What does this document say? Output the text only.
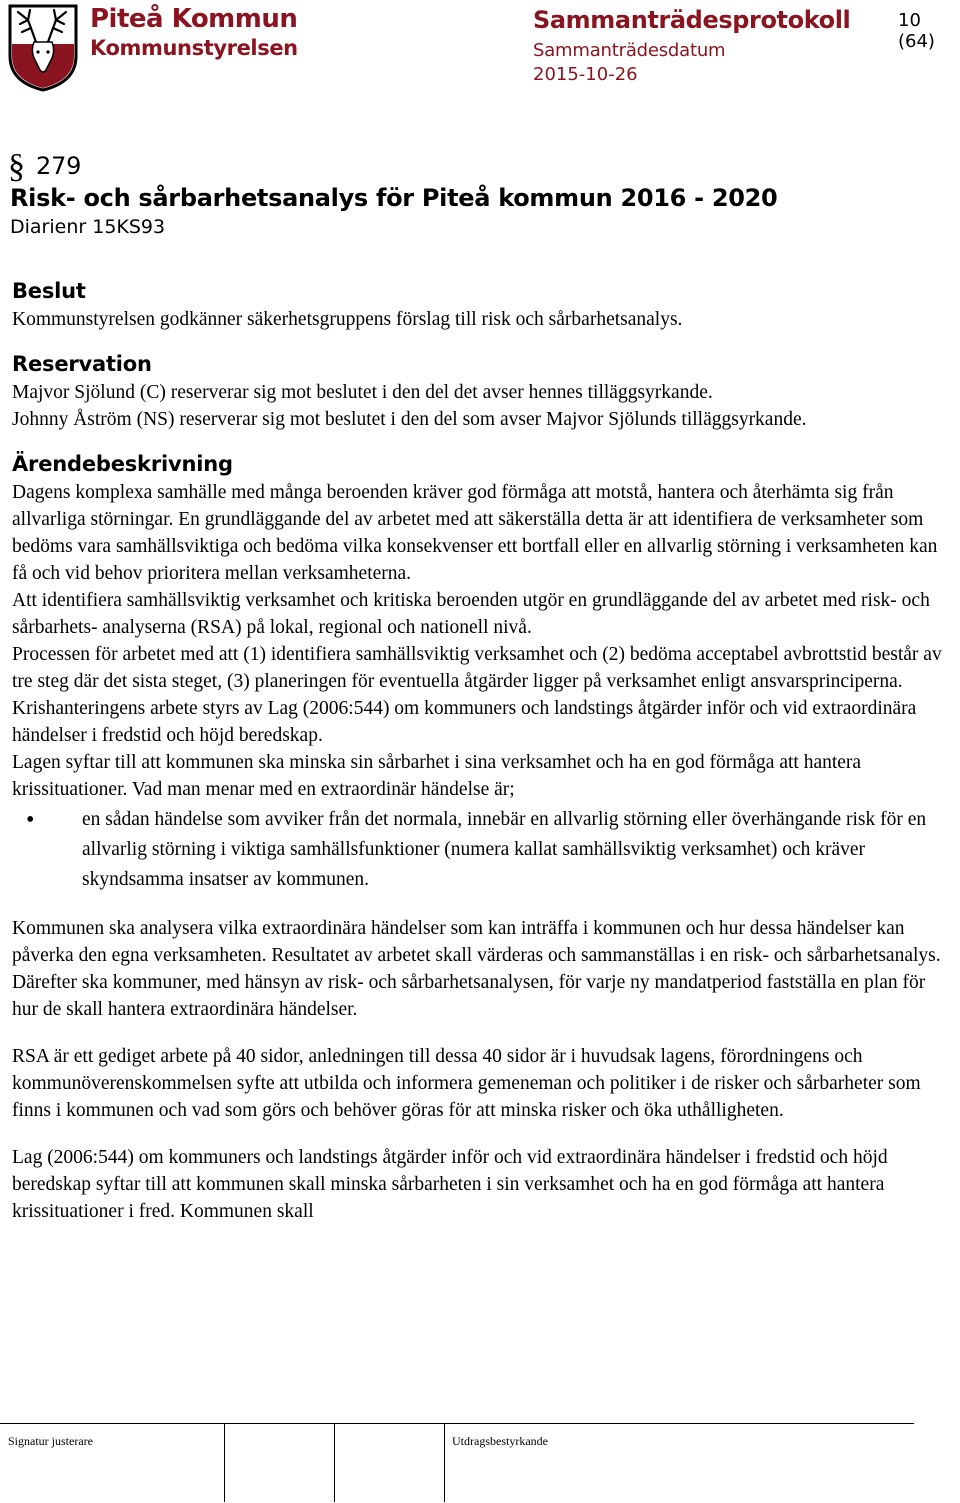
Piteå Kommun
Kommunstyrelsen
Sammanträdesprotokoll
Sammanträdesdatum
2015-10-26
10 (64)
§ 279
Risk- och sårbarhetsanalys för Piteå kommun 2016 - 2020
Diarienr 15KS93
Beslut

Kommunstyrelsen godkänner säkerhetsgruppens förslag till risk och sårbarhetsanalys.

Reservation

Majvor Sjölund (C) reserverar sig mot beslutet i den del det avser hennes tilläggsyrkande.

Johnny Åström (NS) reserverar sig mot beslutet i den del som avser Majvor Sjölunds tilläggsyrkande.

Ärendebeskrivning

Dagens komplexa samhälle med många beroenden kräver god förmåga att motstå, hantera och återhämta sig från allvarliga störningar. En grundläggande del av arbetet med att säkerställa detta är att identifiera de verksamheter som bedöms vara samhällsviktiga och bedöma vilka konsekvenser ett bortfall eller en allvarlig störning i verksamheten kan få och vid behov prioritera mellan verksamheterna.

Att identifiera samhällsviktig verksamhet och kritiska beroenden utgör en grundläggande del av arbetet med risk- och sårbarhets- analyserna (RSA) på lokal, regional och nationell nivå.

Processen för arbetet med att (1) identifiera samhällsviktig verksamhet och (2) bedöma acceptabel avbrottstid består av tre steg där det sista steget, (3) planeringen för eventuella åtgärder ligger på verksamhet enligt ansvarsprinciperna.

Krishanteringens arbete styrs av Lag (2006:544) om kommuners och landstings åtgärder inför och vid extraordinära händelser i fredstid och höjd beredskap.

Lagen syftar till att kommunen ska minska sin sårbarhet i sina verksamhet och ha en god förmåga att hantera krissituationer. Vad man menar med en extraordinär händelse är;

• en sådan händelse som avviker från det normala, innebär en allvarlig störning eller överhängande risk för en allvarlig störning i viktiga samhällsfunktioner (numera kallat samhällsviktig verksamhet) och kräver skyndsamma insatser av kommunen.

Kommunen ska analysera vilka extraordinära händelser som kan inträffa i kommunen och hur dessa händelser kan påverka den egna verksamheten. Resultatet av arbetet skall värderas och sammanställas i en risk- och sårbarhetsanalys. Därefter ska kommuner, med hänsyn av risk- och sårbarhetsanalysen, för varje ny mandatperiod fastställa en plan för hur de skall hantera extraordinära händelser.

RSA är ett gediget arbete på 40 sidor, anledningen till dessa 40 sidor är i huvudsak lagens, förordningens och kommunöverenskommelsen syfte att utbilda och informera gemeneman och politiker i de risker och sårbarheter som finns i kommunen och vad som görs och behöver göras för att minska risker och öka uthålligheten.

Lag (2006:544) om kommuners och landstings åtgärder inför och vid extraordinära händelser i fredstid och höjd beredskap syftar till att kommunen skall minska sårbarheten i sin verksamhet och ha en god förmåga att hantera krissituationer i fred. Kommunen skall

Signatur justerare	Utdragsbestyrkande
